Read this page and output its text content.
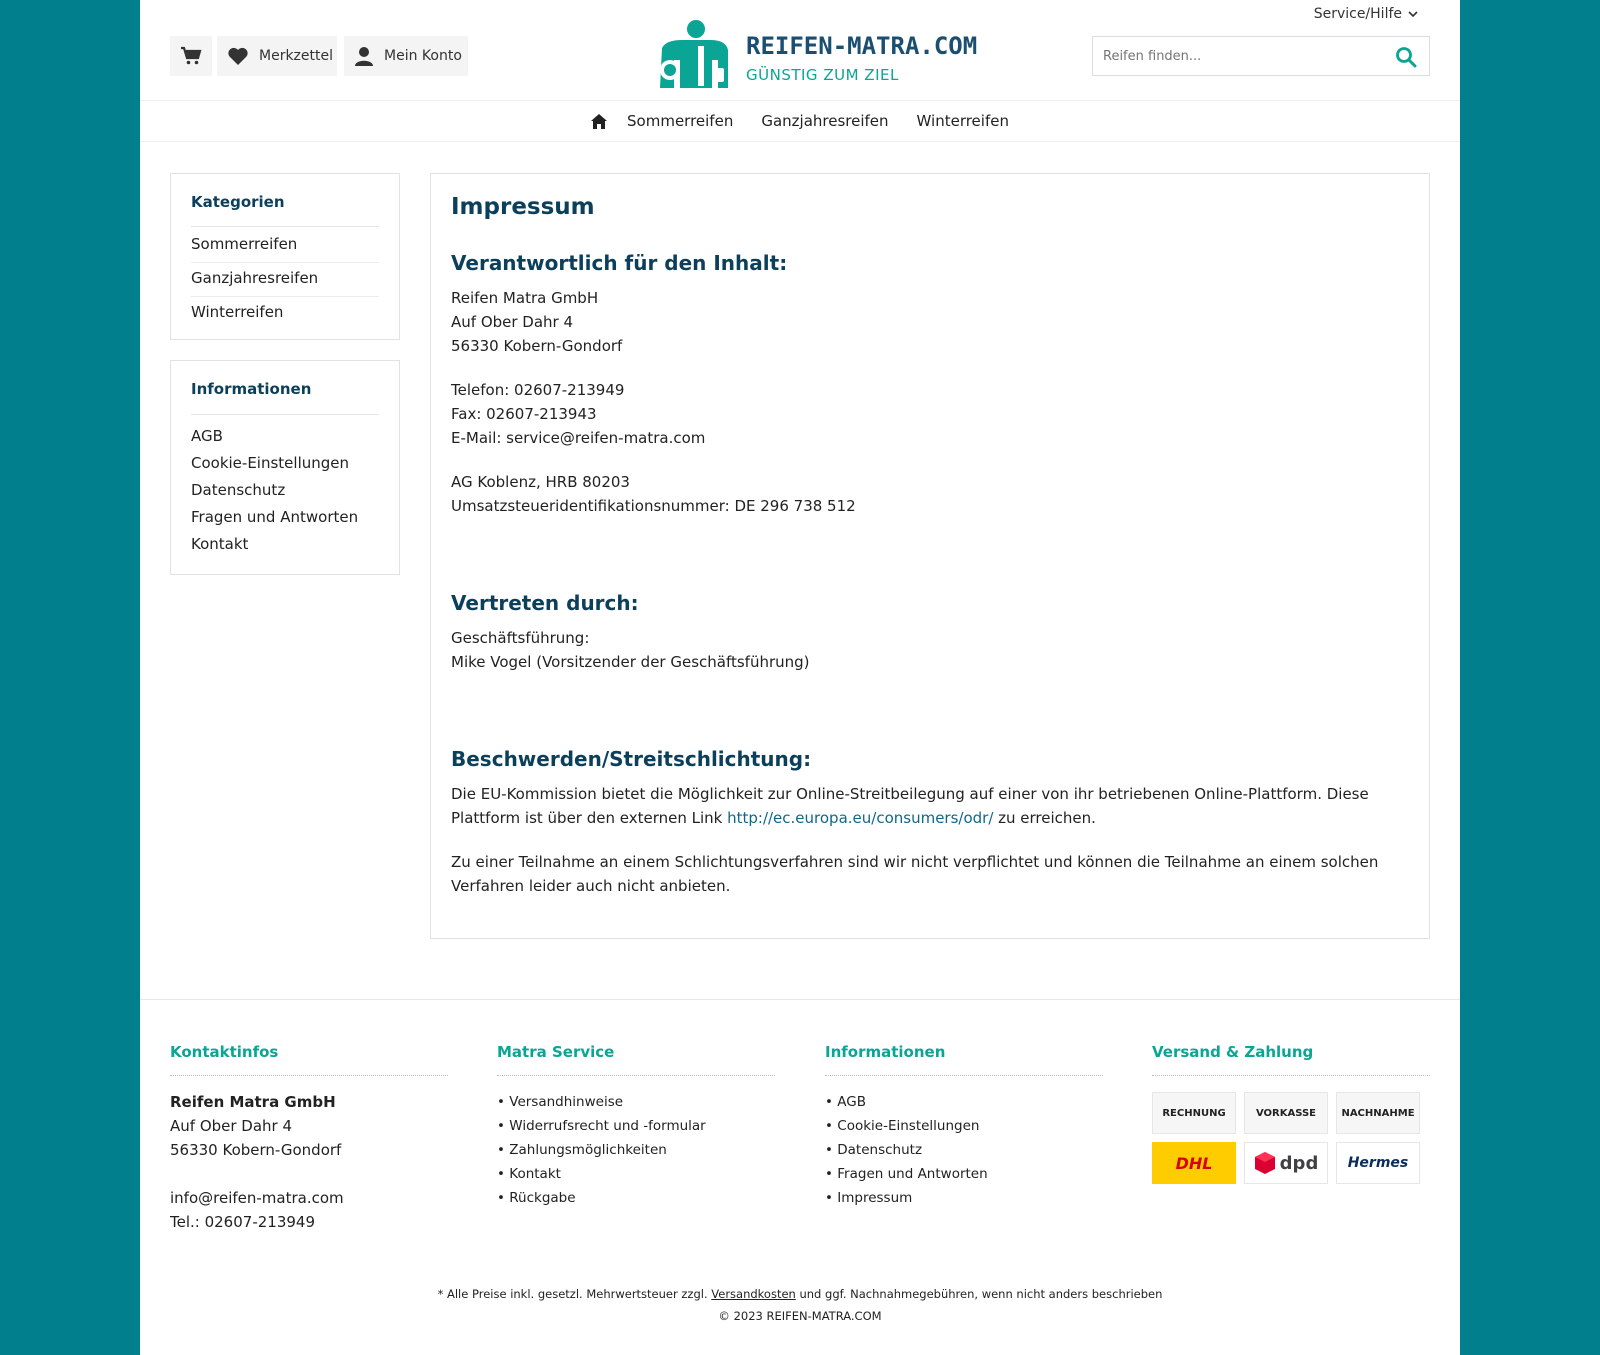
Merkzettel	Mein Konto	REIFEN-MATRA.COM
GÜNSTIG ZUM ZIEL
Service/Hilfe
Reifen finden...
Sommerreifen Ganzjahresreifen Winterreifen
Kategorien
Sommerreifen
Ganzjahresreifen
Winterreifen
Informationen
AGB
Cookie-Einstellungen
Datenschutz
Fragen und Antworten
Kontakt
Impressum
Verantwortlich für den Inhalt:

Reifen Matra GmbH

Auf Ober Dahr 4

56330 Kobern-Gondorf

Telefon: 02607-213949

Fax: 02607-213943

E-Mail: service@reifen-matra.com

AG Koblenz, HRB 80203

Umsatzsteueridentifikationsnummer: DE 296 738 512

Vertreten durch:

Geschäftsführung:

Mike Vogel (Vorsitzender der Geschäftsführung)

Beschwerden/Streitschlichtung:

Die EU-Kommission bietet die Möglichkeit zur Online-Streitbeilegung auf einer von ihr betriebenen Online-Plattform. Diese Plattform ist über den externen Link http://ec.europa.eu/consumers/odr/ zu erreichen.

Zu einer Teilnahme an einem Schlichtungsverfahren sind wir nicht verpflichtet und können die Teilnahme an einem solchen Verfahren leider auch nicht anbieten.

Kontaktinfos
Reifen Matra GmbH
Auf Ober Dahr 4
56330 Kobern-Gondorf
info@reifen-matra.com
Tel.: 02607-213949
Matra Service
• Versandhinweise
• Widerrufsrecht und -formular
• Zahlungsmöglichkeiten
• Kontakt
• Rückgabe
Informationen
• AGB
• Cookie-Einstellungen
• Datenschutz
• Fragen und Antworten
• Impressum
Versand & Zahlung
RECHNUNG	VORKASSE	NACHNAHME
DHL	dpd	Hermes
* Alle Preise inkl. gesetzl. Mehrwertsteuer zzgl. Versandkosten und ggf. Nachnahmegebühren, wenn nicht anders beschrieben
© 2023 REIFEN-MATRA.COM
